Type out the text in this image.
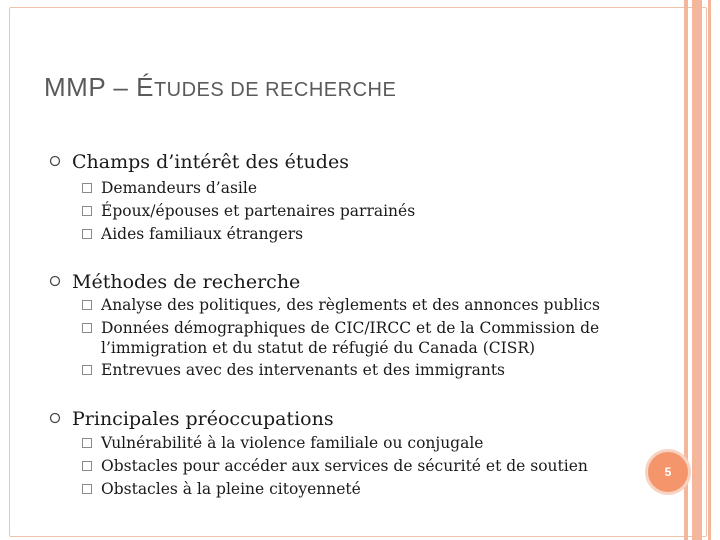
MMP – ÉTUDES DE RECHERCHE
Champs d’intérêt des études
Demandeurs d’asile
Époux/épouses et partenaires parrainés
Aides familiaux étrangers
Méthodes de recherche
Analyse des politiques, des règlements et des annonces publics
Données démographiques de CIC/IRCC et de la Commission de
l’immigration et du statut de réfugié du Canada (CISR)
Entrevues avec des intervenants et des immigrants
Principales préoccupations
Vulnérabilité à la violence familiale ou conjugale
Obstacles pour accéder aux services de sécurité et de soutien
Obstacles à la pleine citoyenneté
5
